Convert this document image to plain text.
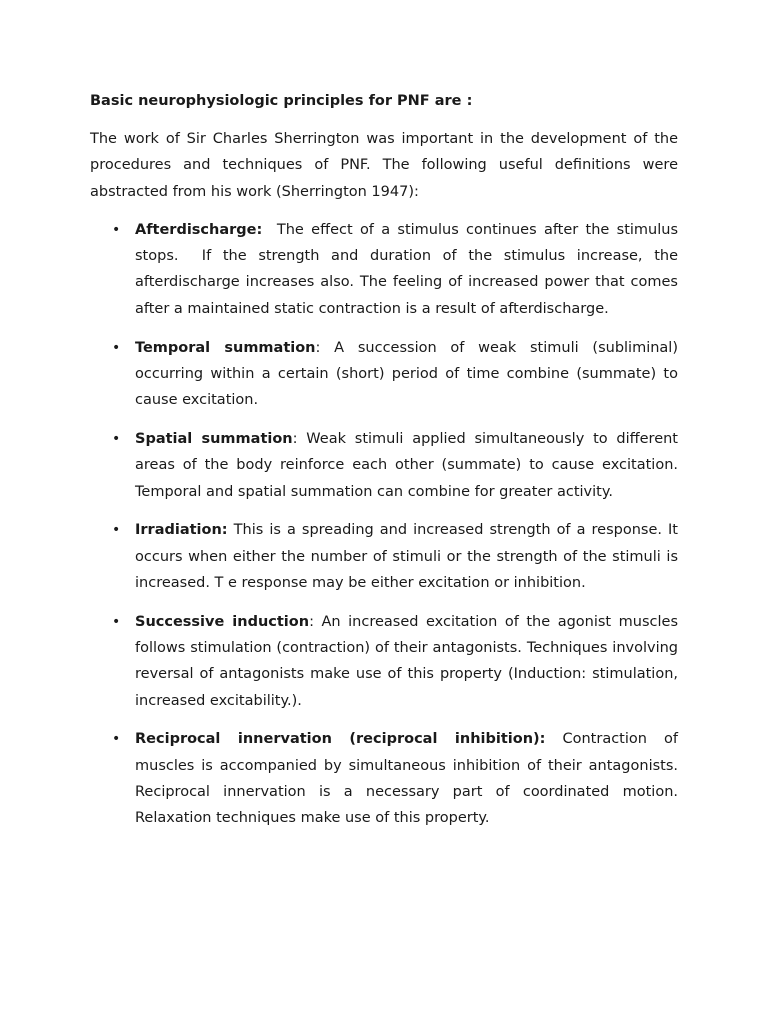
Basic neurophysiologic principles for PNF are :

The work of Sir Charles Sherrington was important in the development of the procedures and techniques of PNF. The following useful definitions were abstracted from his work (Sherrington 1947):

• Afterdischarge:  The effect of a stimulus continues after the stimulus stops.  If the strength and duration of the stimulus increase, the afterdischarge increases also. The feeling of increased power that comes after a maintained static contraction is a result of afterdischarge.
• Temporal summation: A succession of weak stimuli (subliminal) occurring within a certain (short) period of time combine (summate) to cause excitation.
• Spatial summation: Weak stimuli applied simultaneously to different areas of the body reinforce each other (summate) to cause excitation. Temporal and spatial summation can combine for greater activity.
• Irradiation: This is a spreading and increased strength of a response. It occurs when either the number of stimuli or the strength of the stimuli is increased. T e response may be either excitation or inhibition.
• Successive induction: An increased excitation of the agonist muscles follows stimulation (contraction) of their antagonists. Techniques involving reversal of antagonists make use of this property (Induction: stimulation, increased excitability.).
• Reciprocal innervation (reciprocal inhibition): Contraction of muscles is accompanied by simultaneous inhibition of their antagonists. Reciprocal innervation is a necessary part of coordinated motion. Relaxation techniques make use of this property.
